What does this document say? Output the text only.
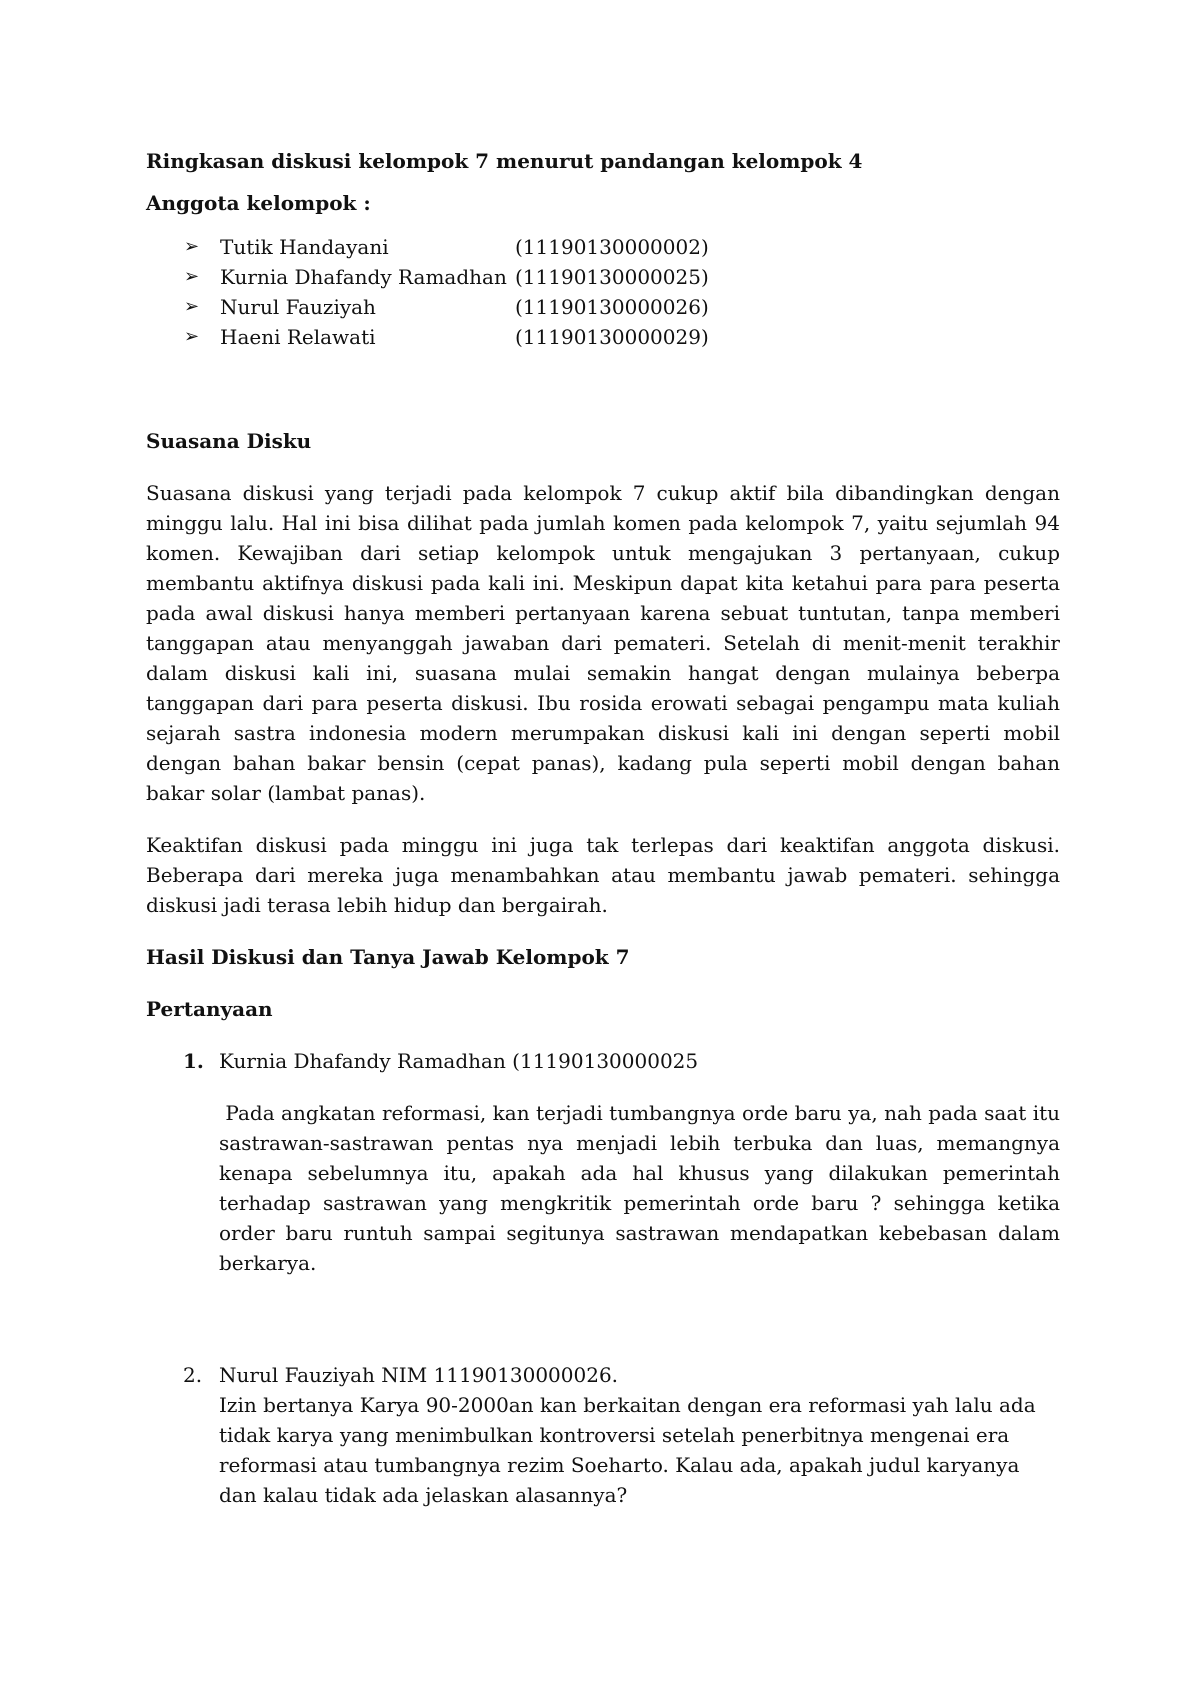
Ringkasan diskusi kelompok 7 menurut pandangan kelompok 4

Anggota kelompok :

➢	Tutik Handayani	(11190130000002)
➢	Kurnia Dhafandy Ramadhan (11190130000025)
➢	Nurul Fauziyah	(11190130000026)
➢	Haeni Relawati	(11190130000029)

Suasana Disku

Suasana diskusi yang terjadi pada kelompok 7 cukup aktif bila dibandingkan dengan minggu lalu. Hal ini bisa dilihat pada jumlah komen pada kelompok 7, yaitu sejumlah 94 komen. Kewajiban dari setiap kelompok untuk mengajukan 3 pertanyaan, cukup membantu aktifnya diskusi pada kali ini. Meskipun dapat kita ketahui para para peserta pada awal diskusi hanya memberi pertanyaan karena sebuat tuntutan, tanpa memberi tanggapan atau menyanggah jawaban dari pemateri. Setelah di menit-menit terakhir dalam diskusi kali ini, suasana mulai semakin hangat dengan mulainya beberpa tanggapan dari para peserta diskusi. Ibu rosida erowati sebagai pengampu mata kuliah sejarah sastra indonesia modern merumpakan diskusi kali ini dengan seperti mobil dengan bahan bakar bensin (cepat panas), kadang pula seperti mobil dengan bahan bakar solar (lambat panas).

Keaktifan diskusi pada minggu ini juga tak terlepas dari keaktifan anggota diskusi. Beberapa dari mereka juga menambahkan atau membantu jawab pemateri. sehingga diskusi jadi terasa lebih hidup dan bergairah.

Hasil Diskusi dan Tanya Jawab Kelompok 7

Pertanyaan

1. Kurnia Dhafandy Ramadhan (11190130000025

Pada angkatan reformasi, kan terjadi tumbangnya orde baru ya, nah pada saat itu sastrawan-sastrawan pentas nya menjadi lebih terbuka dan luas, memangnya kenapa sebelumnya itu, apakah ada hal khusus yang dilakukan pemerintah terhadap sastrawan yang mengkritik pemerintah orde baru ? sehingga ketika order baru runtuh sampai segitunya sastrawan mendapatkan kebebasan dalam berkarya.

2. Nurul Fauziyah NIM 11190130000026.

Izin bertanya Karya 90-2000an kan berkaitan dengan era reformasi yah lalu ada tidak karya yang menimbulkan kontroversi setelah penerbitnya mengenai era reformasi atau tumbangnya rezim Soeharto. Kalau ada, apakah judul karyanya dan kalau tidak ada jelaskan alasannya?
